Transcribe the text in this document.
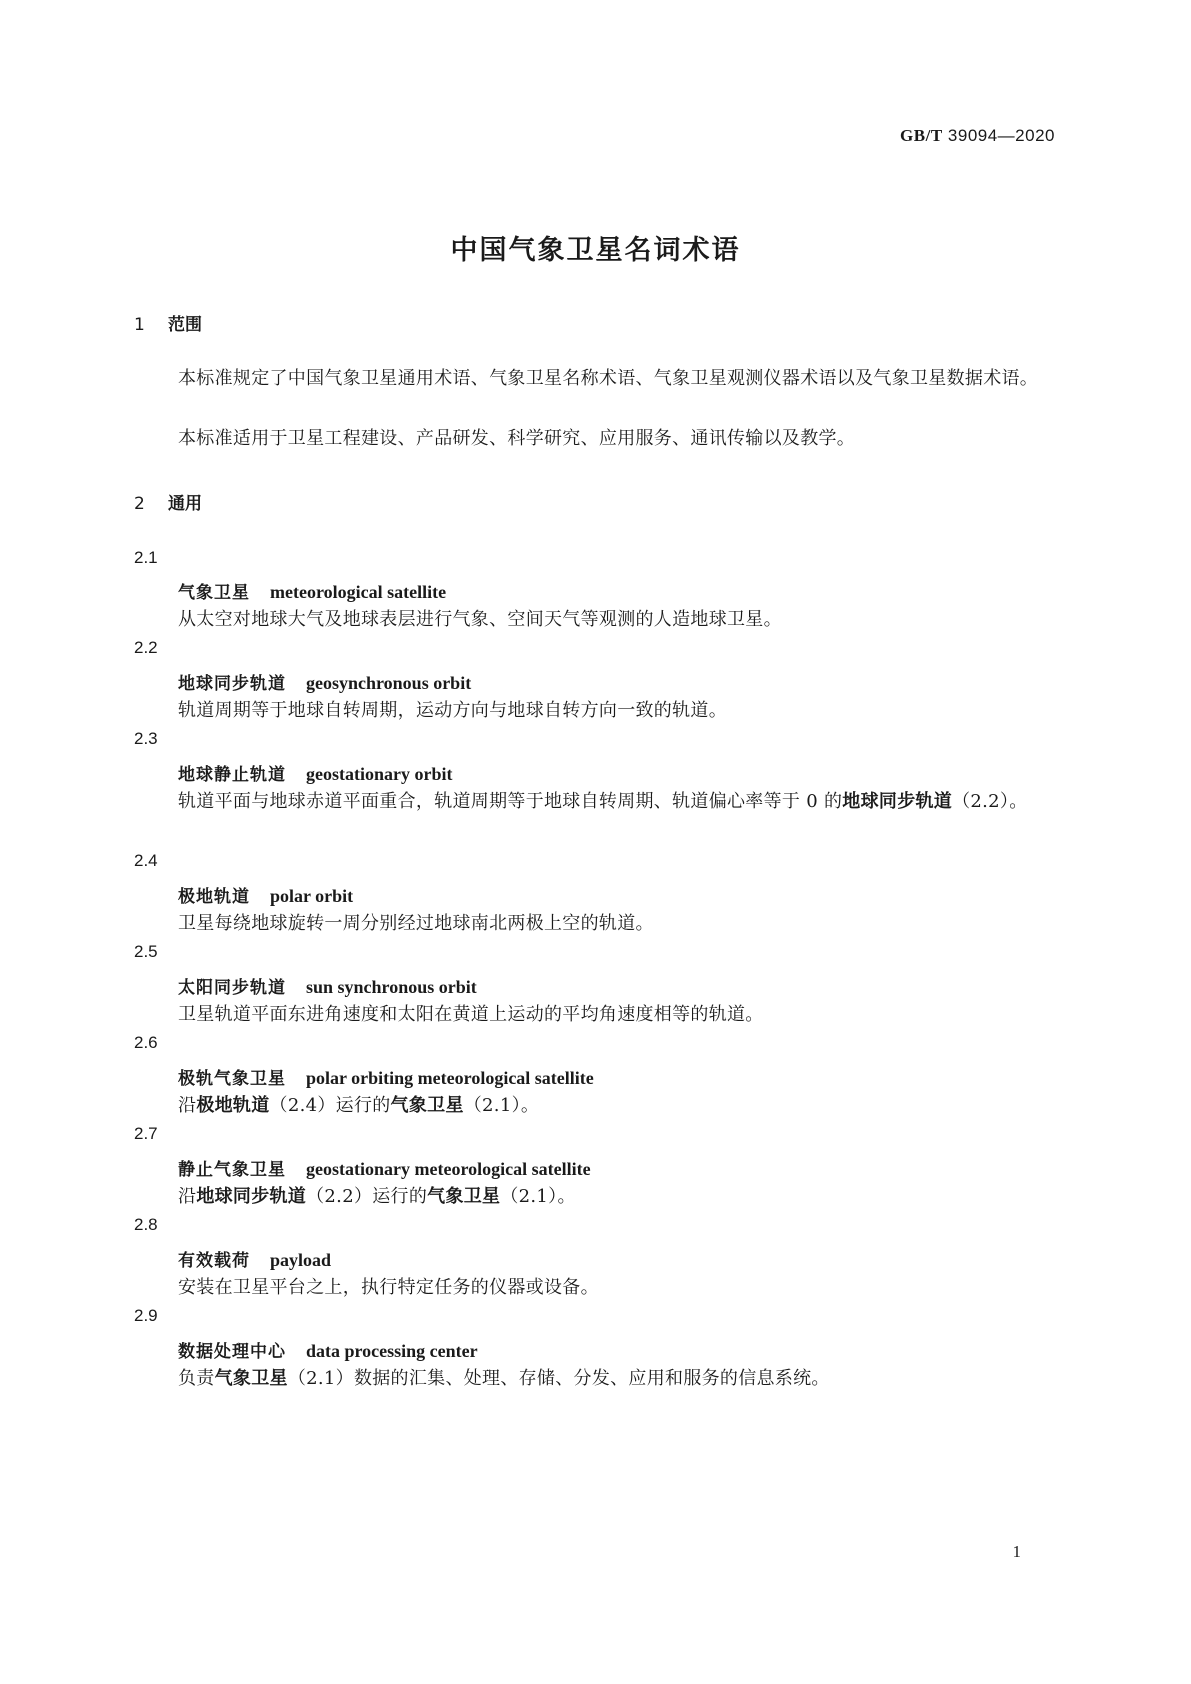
GB/T 39094—2020
中国气象卫星名词术语
1 范围
本标准规定了中国气象卫星通用术语、气象卫星名称术语、气象卫星观测仪器术语以及气象卫星数据术语。
本标准适用于卫星工程建设、产品研发、科学研究、应用服务、通讯传输以及教学。
2 通用
2.1
气象卫星 meteorological satellite
从太空对地球大气及地球表层进行气象、空间天气等观测的人造地球卫星。
2.2
地球同步轨道 geosynchronous orbit
轨道周期等于地球自转周期，运动方向与地球自转方向一致的轨道。
2.3
地球静止轨道 geostationary orbit
轨道平面与地球赤道平面重合，轨道周期等于地球自转周期、轨道偏心率等于 0 的地球同步轨道（2.2）。
2.4
极地轨道 polar orbit
卫星每绕地球旋转一周分别经过地球南北两极上空的轨道。
2.5
太阳同步轨道 sun synchronous orbit
卫星轨道平面东进角速度和太阳在黄道上运动的平均角速度相等的轨道。
2.6
极轨气象卫星 polar orbiting meteorological satellite
沿极地轨道（2.4）运行的气象卫星（2.1）。
2.7
静止气象卫星 geostationary meteorological satellite
沿地球同步轨道（2.2）运行的气象卫星（2.1）。
2.8
有效载荷 payload
安装在卫星平台之上，执行特定任务的仪器或设备。
2.9
数据处理中心 data processing center
负责气象卫星（2.1）数据的汇集、处理、存储、分发、应用和服务的信息系统。
1
